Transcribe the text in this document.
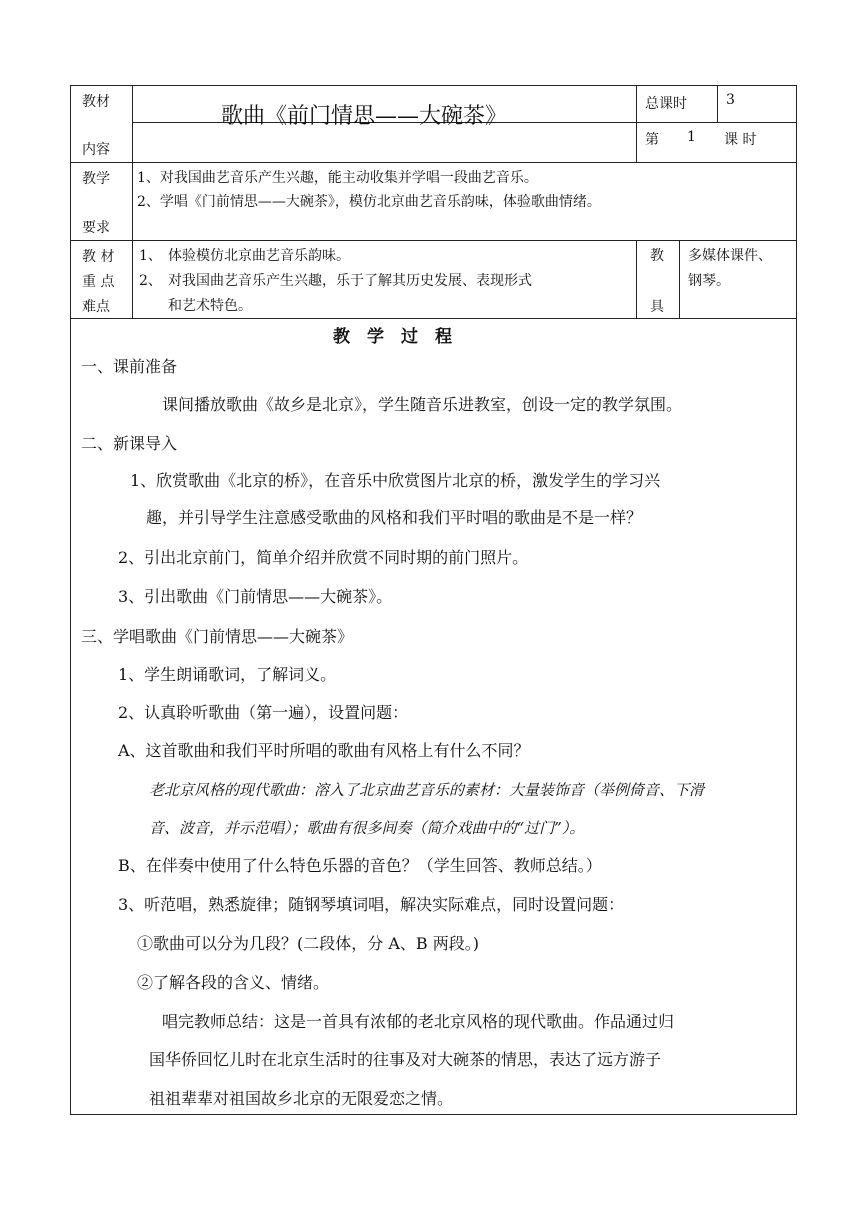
教材
内容
歌曲《前门情思——大碗茶》	总课时	3
第 1 课 时
教学
要求
1、对我国曲艺音乐产生兴趣，能主动收集并学唱一段曲艺音乐。
2、学唱《门前情思——大碗茶》，模仿北京曲艺音乐韵味，体验歌曲情绪。
教 材
重 点
难点
1、 体验模仿北京曲艺音乐韵味。
2、 对我国曲艺音乐产生兴趣，乐于了解其历史发展、表现形式
和艺术特色。
教
具
多媒体课件、
钢琴。
教　学　过　程
一、课前准备
课间播放歌曲《故乡是北京》，学生随音乐进教室，创设一定的教学氛围。
二、新课导入
1、欣赏歌曲《北京的桥》，在音乐中欣赏图片北京的桥，激发学生的学习兴
趣，并引导学生注意感受歌曲的风格和我们平时唱的歌曲是不是一样？
2、引出北京前门，简单介绍并欣赏不同时期的前门照片。
3、引出歌曲《门前情思——大碗茶》。
三、学唱歌曲《门前情思——大碗茶》
1、学生朗诵歌词，了解词义。
2、认真聆听歌曲（第一遍），设置问题：
A、这首歌曲和我们平时所唱的歌曲有风格上有什么不同？
老北京风格的现代歌曲：溶入了北京曲艺音乐的素材：大量装饰音（举例倚音、下滑
音、波音，并示范唱）；歌曲有很多间奏（简介戏曲中的“过门”）。
B、在伴奏中使用了什么特色乐器的音色？（学生回答、教师总结。）
3、听范唱，熟悉旋律；随钢琴填词唱，解决实际难点，同时设置问题：
①歌曲可以分为几段？(二段体，分 A、B 两段。)
②了解各段的含义、情绪。
唱完教师总结：这是一首具有浓郁的老北京风格的现代歌曲。作品通过归
国华侨回忆儿时在北京生活时的往事及对大碗茶的情思，表达了远方游子
祖祖辈辈对祖国故乡北京的无限爱恋之情。
